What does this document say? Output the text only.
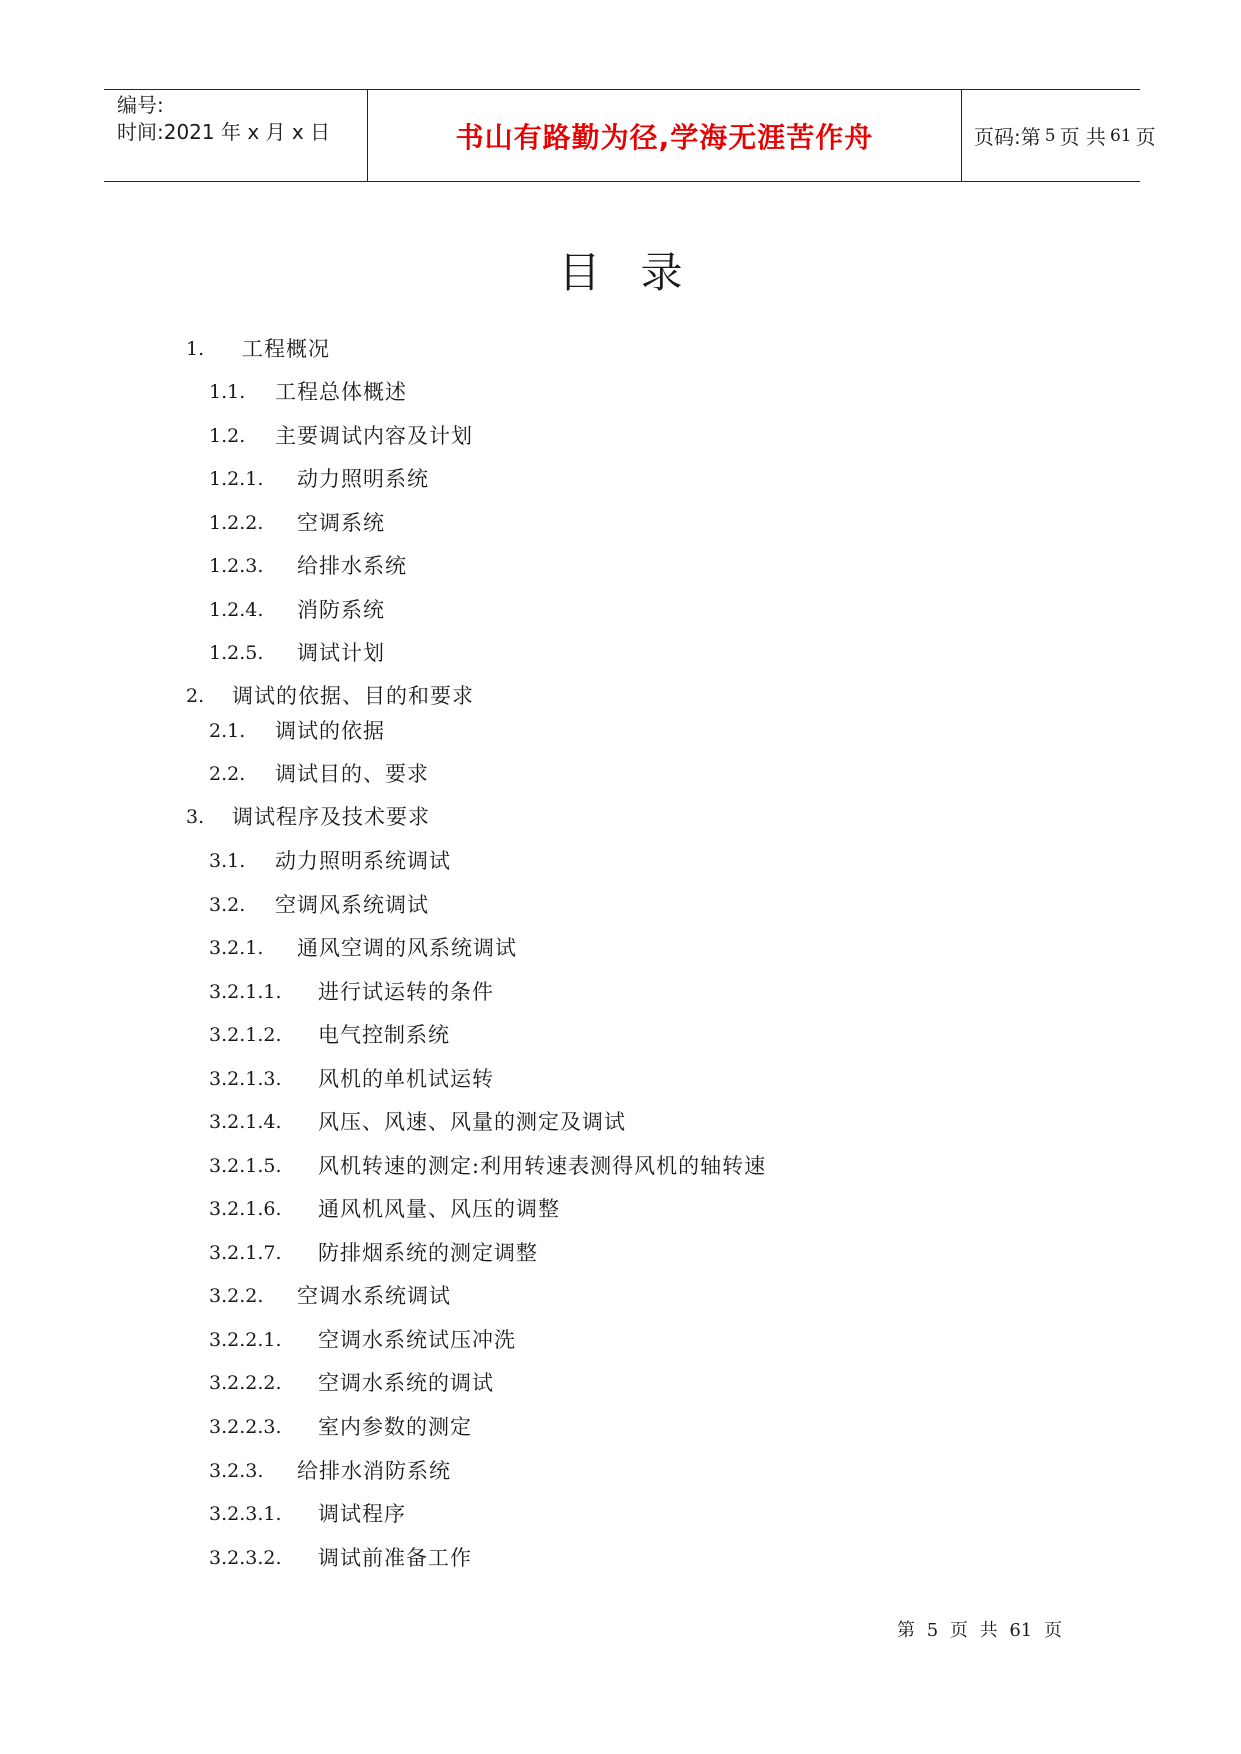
编号:
时间:2021 年 x 月 x 日	书山有路勤为径,学海无涯苦作舟	页码:第 5 页 共 61 页
目录
1. 工程概况
1.1. 工程总体概述
1.2. 主要调试内容及计划
1.2.1. 动力照明系统
1.2.2. 空调系统
1.2.3. 给排水系统
1.2.4. 消防系统
1.2.5. 调试计划
2. 调试的依据、目的和要求
2.1. 调试的依据
2.2. 调试目的、要求
3. 调试程序及技术要求
3.1. 动力照明系统调试
3.2. 空调风系统调试
3.2.1. 通风空调的风系统调试
3.2.1.1. 进行试运转的条件
3.2.1.2. 电气控制系统
3.2.1.3. 风机的单机试运转
3.2.1.4. 风压、风速、风量的测定及调试
3.2.1.5. 风机转速的测定:利用转速表测得风机的轴转速
3.2.1.6. 通风机风量、风压的调整
3.2.1.7. 防排烟系统的测定调整
3.2.2. 空调水系统调试
3.2.2.1. 空调水系统试压冲洗
3.2.2.2. 空调水系统的调试
3.2.2.3. 室内参数的测定
3.2.3. 给排水消防系统
3.2.3.1. 调试程序
3.2.3.2. 调试前准备工作
第 5 页 共 61 页
